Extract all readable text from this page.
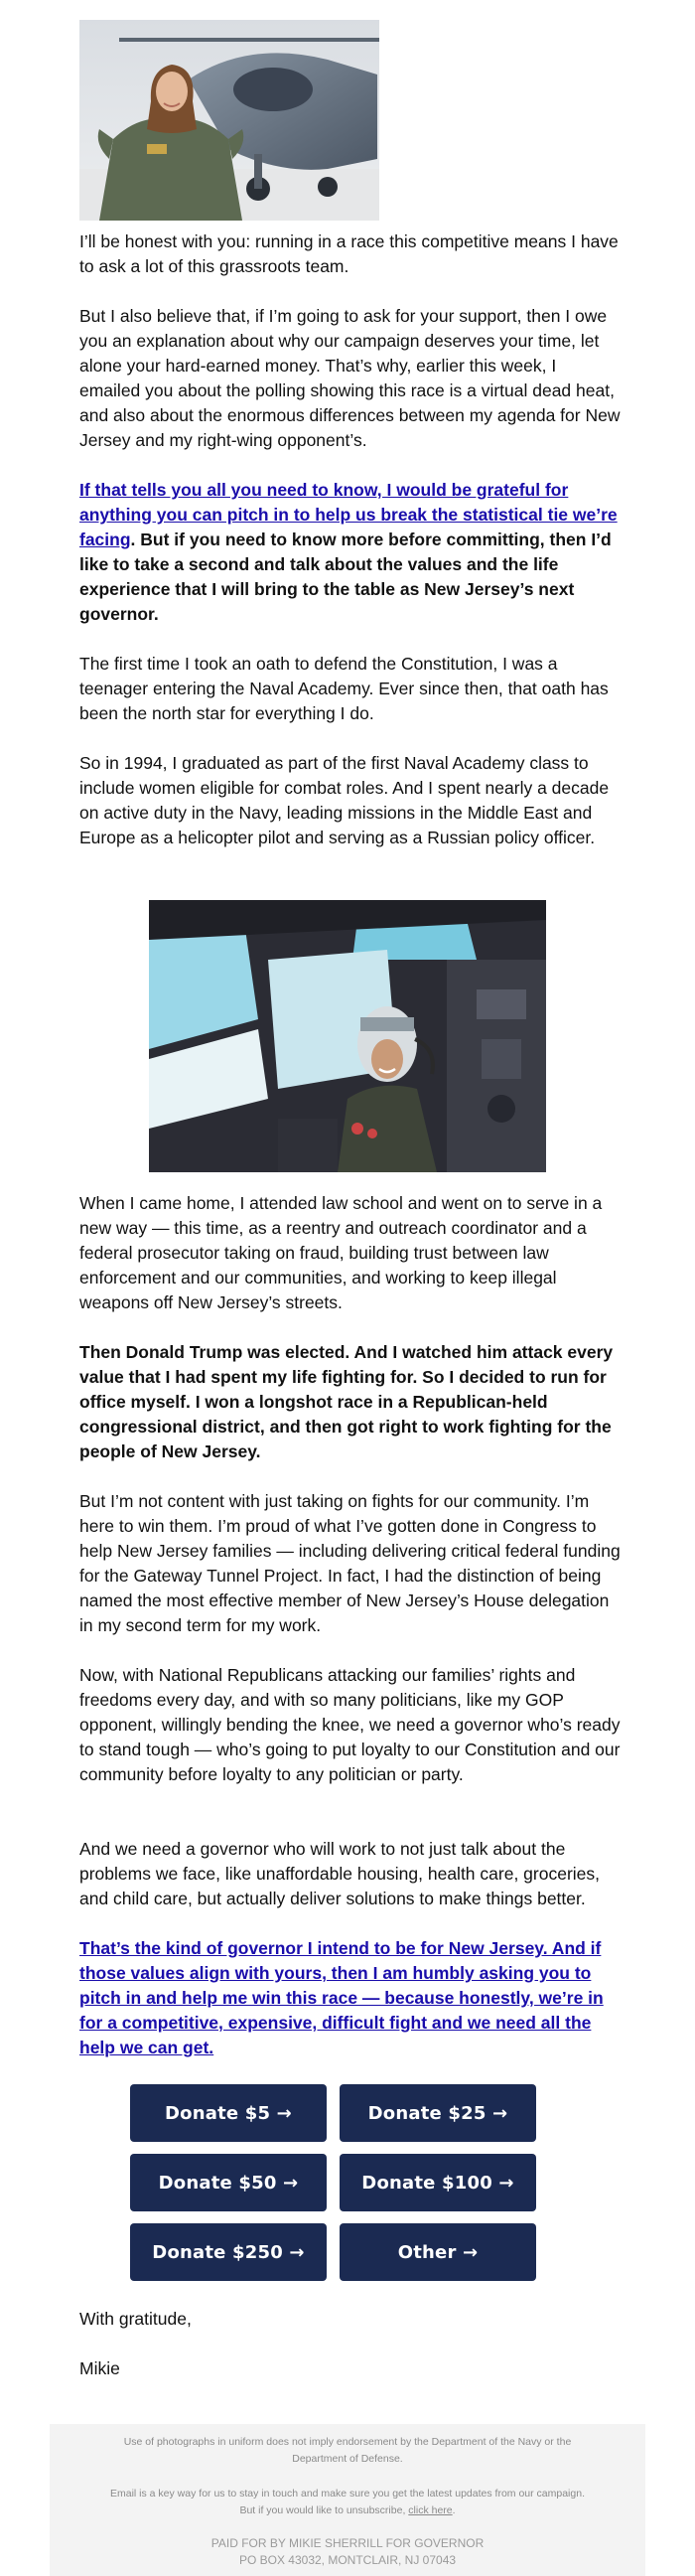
I’ll be honest with you: running in a race this competitive means I have to ask a lot of this grassroots team.

But I also believe that, if I’m going to ask for your support, then I owe you an explanation about why our campaign deserves your time, let alone your hard-earned money. That’s why, earlier this week, I emailed you about the polling showing this race is a virtual dead heat, and also about the enormous differences between my agenda for New Jersey and my right-wing opponent’s.

If that tells you all you need to know, I would be grateful for anything you can pitch in to help us break the statistical tie we’re facing. But if you need to know more before committing, then I’d like to take a second and talk about the values and the life experience that I will bring to the table as New Jersey’s next governor.

The first time I took an oath to defend the Constitution, I was a teenager entering the Naval Academy. Ever since then, that oath has been the north star for everything I do.

So in 1994, I graduated as part of the first Naval Academy class to include women eligible for combat roles. And I spent nearly a decade on active duty in the Navy, leading missions in the Middle East and Europe as a helicopter pilot and serving as a Russian policy officer.

When I came home, I attended law school and went on to serve in a new way — this time, as a reentry and outreach coordinator and a federal prosecutor taking on fraud, building trust between law enforcement and our communities, and working to keep illegal weapons off New Jersey’s streets.

Then Donald Trump was elected. And I watched him attack every value that I had spent my life fighting for. So I decided to run for office myself. I won a longshot race in a Republican-held congressional district, and then got right to work fighting for the people of New Jersey.

But I’m not content with just taking on fights for our community. I’m here to win them. I’m proud of what I’ve gotten done in Congress to help New Jersey families — including delivering critical federal funding for the Gateway Tunnel Project. In fact, I had the distinction of being named the most effective member of New Jersey’s House delegation in my second term for my work.

Now, with National Republicans attacking our families’ rights and freedoms every day, and with so many politicians, like my GOP opponent, willingly bending the knee, we need a governor who’s ready to stand tough — who’s going to put loyalty to our Constitution and our community before loyalty to any politician or party.

And we need a governor who will work to not just talk about the problems we face, like unaffordable housing, health care, groceries, and child care, but actually deliver solutions to make things better.

That’s the kind of governor I intend to be for New Jersey. And if those values align with yours, then I am humbly asking you to pitch in and help me win this race — because honestly, we’re in for a competitive, expensive, difficult fight and we need all the help we can get.

Donate $5 →	Donate $25 →
Donate $50 →	Donate $100 →
Donate $250 →	Other →

With gratitude,

Mikie

Use of photographs in uniform does not imply endorsement by the Department of the Navy or the Department of Defense.

Email is a key way for us to stay in touch and make sure you get the latest updates from our campaign.

But if you would like to unsubscribe, click here.

PAID FOR BY MIKIE SHERRILL FOR GOVERNOR

PO BOX 43032, MONTCLAIR, NJ 07043
